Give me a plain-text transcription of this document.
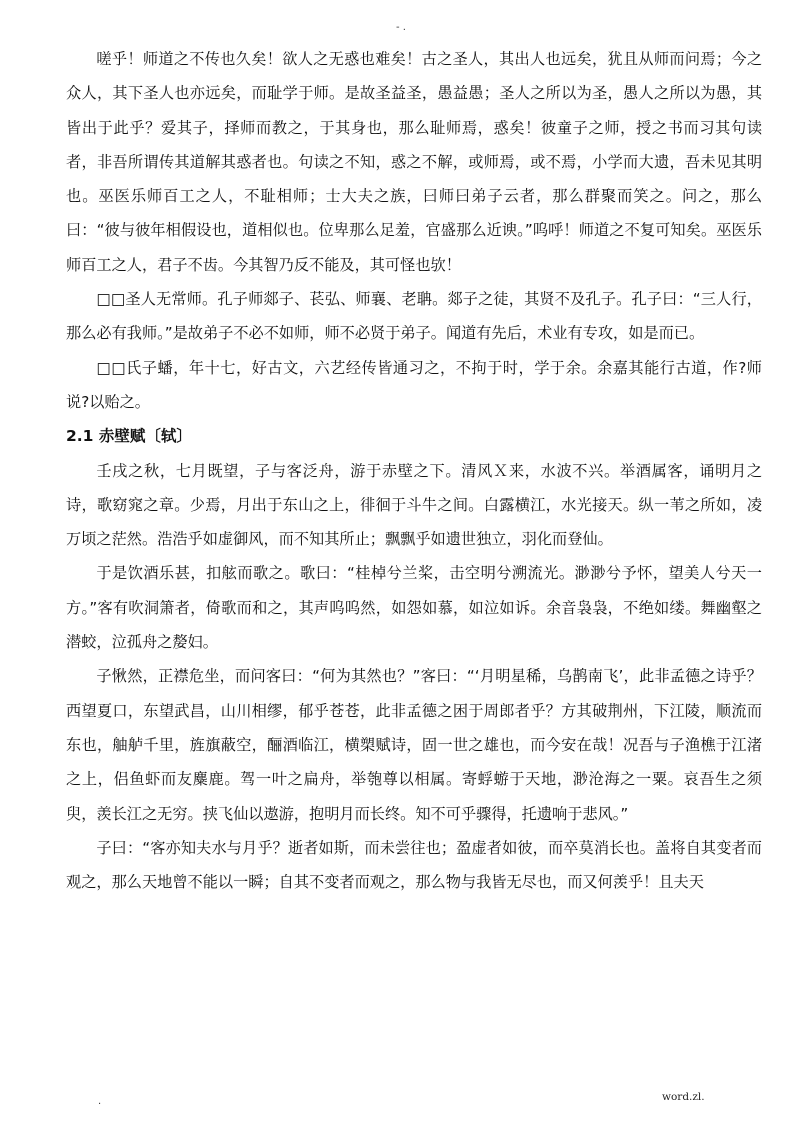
- .

嗟乎！师道之不传也久矣！欲人之无惑也难矣！古之圣人，其出人也远矣，犹且从师而问焉；今之众人，其下圣人也亦远矣，而耻学于师。是故圣益圣，愚益愚；圣人之所以为圣，愚人之所以为愚，其皆出于此乎？爱其子，择师而教之，于其身也，那么耻师焉，惑矣！彼童子之师，授之书而习其句读者，非吾所谓传其道解其惑者也。句读之不知，惑之不解，或师焉，或不焉，小学而大遗，吾未见其明也。巫医乐师百工之人，不耻相师；士大夫之族，曰师曰弟子云者，那么群聚而笑之。问之，那么曰：“彼与彼年相假设也，道相似也。位卑那么足羞，官盛那么近谀。”呜呼！师道之不复可知矣。巫医乐师百工之人，君子不齿。今其智乃反不能及，其可怪也欤！

□□圣人无常师。孔子师郯子、苌弘、师襄、老聃。郯子之徒，其贤不及孔子。孔子曰：“三人行，那么必有我师。”是故弟子不必不如师，师不必贤于弟子。闻道有先后，术业有专攻，如是而已。

□□氏子蟠，年十七，好古文，六艺经传皆通习之，不拘于时，学于余。余嘉其能行古道，作?师说?以贻之。

2.1 赤壁赋〔轼〕

壬戌之秋，七月既望，子与客泛舟，游于赤壁之下。清风Ｘ来，水波不兴。举酒属客，诵明月之诗，歌窈窕之章。少焉，月出于东山之上，徘徊于斗牛之间。白露横江，水光接天。纵一苇之所如，凌万顷之茫然。浩浩乎如虚御风，而不知其所止；飘飘乎如遗世独立，羽化而登仙。

于是饮酒乐甚，扣舷而歌之。歌曰：“桂棹兮兰桨，击空明兮溯流光。渺渺兮予怀，望美人兮天一方。”客有吹洞箫者，倚歌而和之，其声呜呜然，如怨如慕，如泣如诉。余音袅袅，不绝如缕。舞幽壑之潜蛟，泣孤舟之嫠妇。

子愀然，正襟危坐，而问客曰：“何为其然也？”客曰：“‘月明星稀，乌鹊南飞’，此非孟德之诗乎？西望夏口，东望武昌，山川相缪，郁乎苍苍，此非孟德之困于周郎者乎？方其破荆州，下江陵，顺流而东也，舳舻千里，旌旗蔽空，酾酒临江，横槊赋诗，固一世之雄也，而今安在哉！况吾与子渔樵于江渚之上，侣鱼虾而友麋鹿。驾一叶之扁舟，举匏尊以相属。寄蜉蝣于天地，渺沧海之一粟。哀吾生之须臾，羡长江之无穷。挟飞仙以遨游，抱明月而长终。知不可乎骤得，托遗响于悲风。”

子曰：“客亦知夫水与月乎？逝者如斯，而未尝往也；盈虚者如彼，而卒莫消长也。盖将自其变者而观之，那么天地曾不能以一瞬；自其不变者而观之，那么物与我皆无尽也，而又何羡乎！且夫天

.	word.zl.
